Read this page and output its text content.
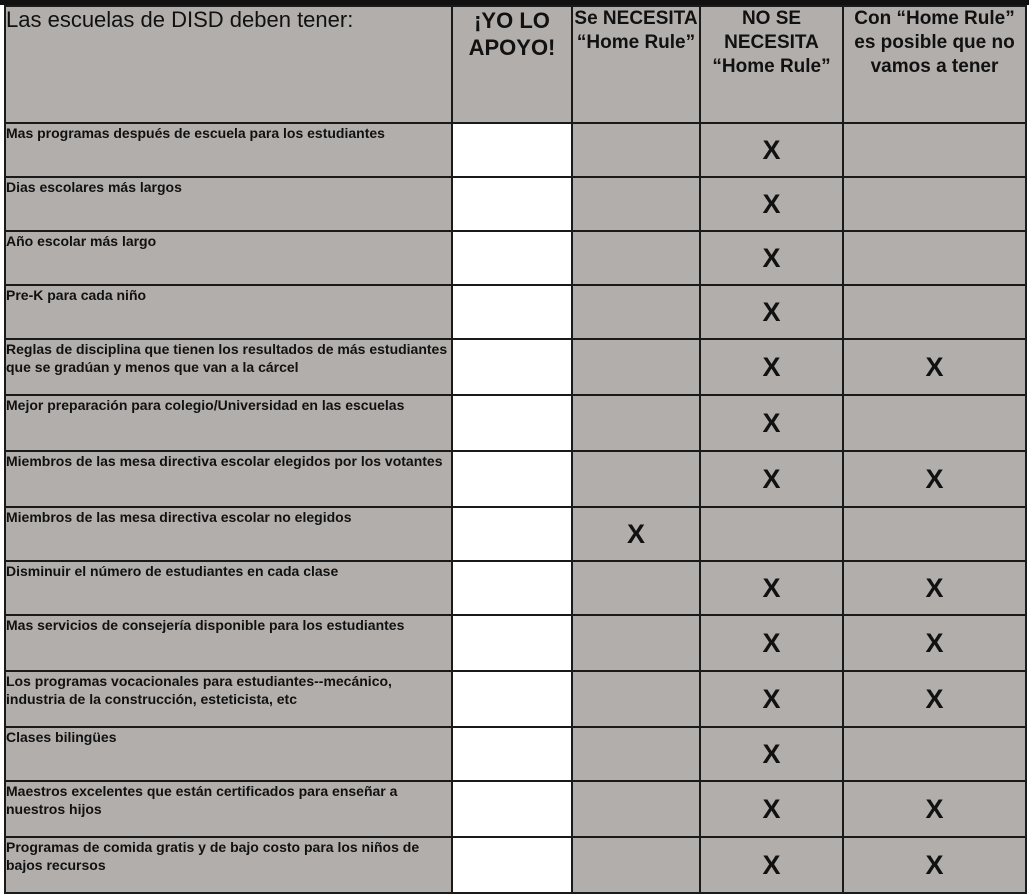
Las escuelas de DISD deben tener:	¡YO LO APOYO!	Se NECESITA “Home Rule”	NO SE NECESITA “Home Rule”	Con “Home Rule” es posible que no vamos a tener
Mas programas después de escuela para los estudiantes			X	
Dias escolares más largos			X	
Año escolar más largo			X	
Pre-K para cada niño			X	
Reglas de disciplina que tienen los resultados de más estudiantes que se gradúan y menos que van a la cárcel			X	X
Mejor preparación para colegio/Universidad en las escuelas			X	
Miembros de las mesa directiva escolar elegidos por los votantes			X	X
Miembros de las mesa directiva escolar no elegidos		X		
Disminuir el número de estudiantes en cada clase			X	X
Mas servicios de consejería disponible para los estudiantes			X	X
Los programas vocacionales para estudiantes--mecánico, industria de la construcción, esteticista, etc			X	X
Clases bilingües			X	
Maestros excelentes que están certificados para enseñar a nuestros hijos			X	X
Programas de comida gratis y de bajo costo para los niños de bajos recursos			X	X
